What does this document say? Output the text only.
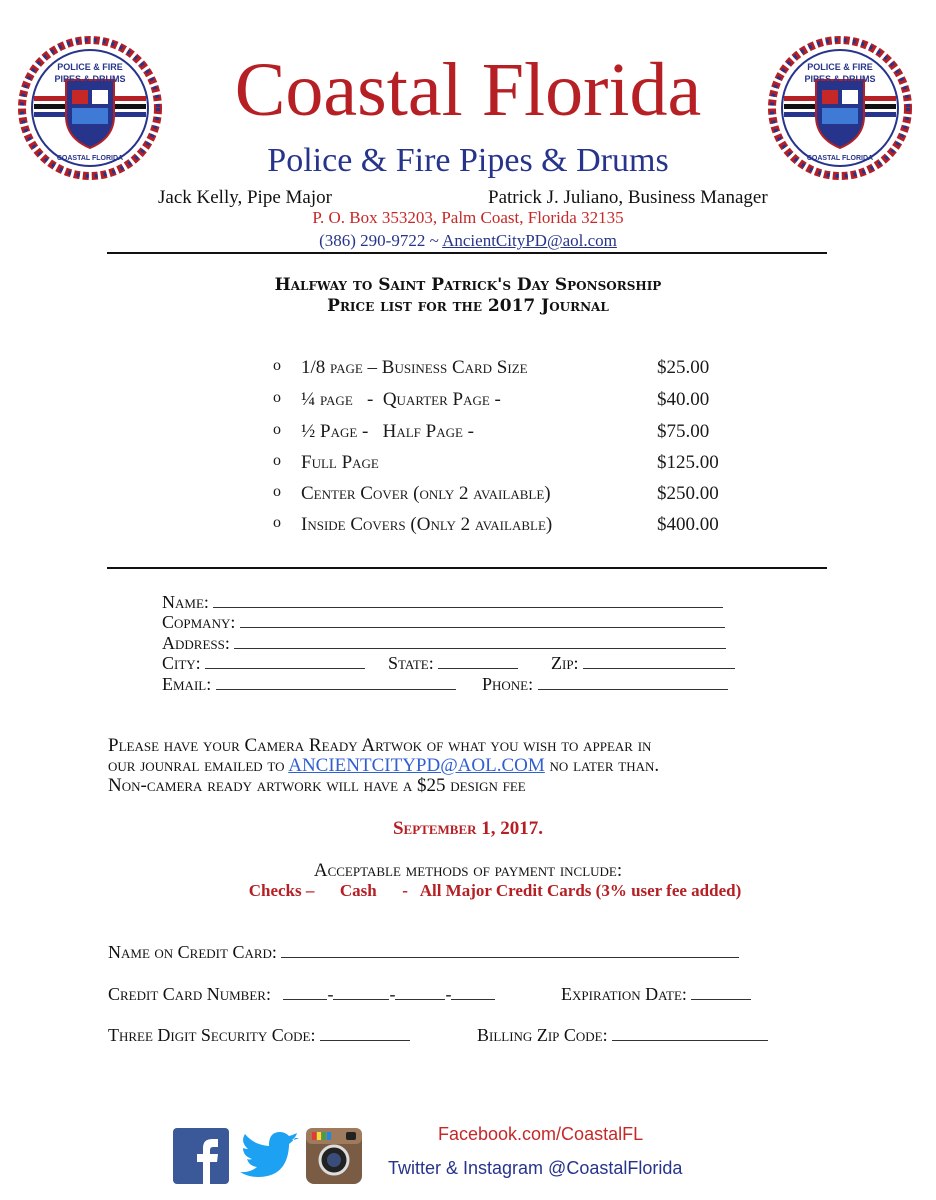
POLICE & FIRE
PIPES & DRUMS
COASTAL FLORIDA
POLICE & FIRE
PIPES & DRUMS
COASTAL FLORIDA
Coastal Florida
Police & Fire Pipes & Drums
Jack Kelly, Pipe Major	Patrick J. Juliano, Business Manager
P. O. Box 353203, Palm Coast, Florida 32135
(386) 290-9722 ~ AncientCityPD@aol.com
Halfway to Saint Patrick's Day Sponsorship
Price list for the 2017 Journal
o 1/8 page – Business Card Size	$25.00
o ¼ page   -  Quarter Page -	$40.00
o ½ Page -   Half Page -	$75.00
o Full Page	$125.00
o Center Cover (only 2 available)	$250.00
o Inside Covers (Only 2 available)	$400.00
Name:
Copmany:
Address:
City:	State:	Zip:
Email:	Phone:
Please have your Camera Ready Artwok of what you wish to appear in
our jounral emailed to ANCIENTCITYPD@AOL.COM no later than.
Non-camera ready artwork will have a $25 design fee
September 1, 2017.
Acceptable methods of payment include:
Checks –      Cash      -   All Major Credit Cards (3% user fee added)
Name on Credit Card:
Credit Card Number:	-	-	-	Expiration Date:
Three Digit Security Code:	Billing Zip Code:
Facebook.com/CoastalFL
Twitter & Instagram @CoastalFlorida
